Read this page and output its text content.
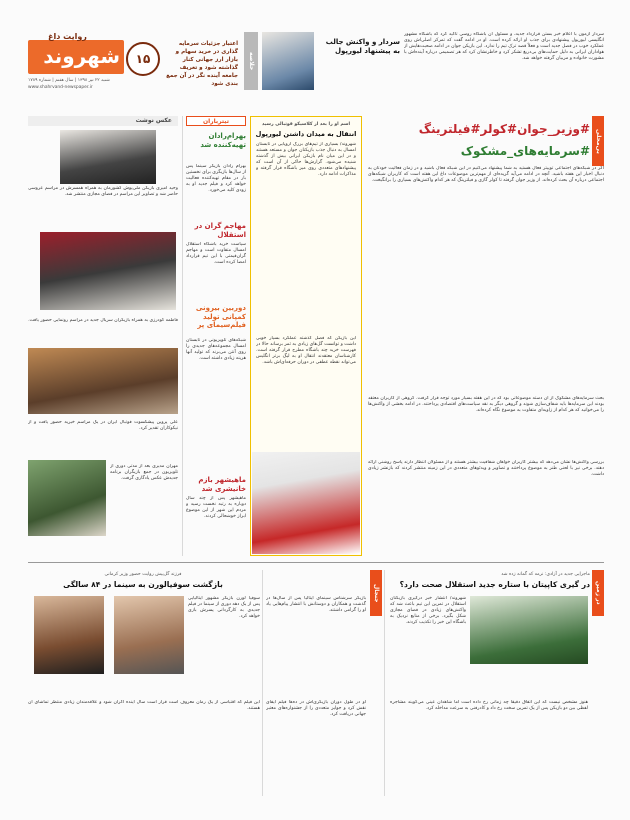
شهروند
روایت داغ
۱۵
شنبه ۲۲ تیر ۱۳۹۸ | سال هفتم | شماره ۱۷۸۹
www.shahrvand-newspaper.ir
اعتبار جزئیات سرمایه گذاری در خرید سهام و بازار ارز جهانی کنار گذاشته شود و تعریف جامعه آینده نگر در آن جمع بندی شود
خلاصه
سردار و واکنش جالب به پیشنهاد لیورپول
سردار آزمون با اعلام خبر بستن قرارداد جدید، و مسئول آن باشگاه روسی تأکید کرد که باشگاه مشهور انگلیسی لیورپول پیشنهادی برای جذب او ارائه کرده است. او در ادامه گفت که تمرکز اصلی‌اش روی عملکرد خوب در فصل جدید است و فعلاً قصد ترک تیم را ندارد. این بازیکن جوان در ادامه صحبت‌هایش از هواداران ایرانی به دلیل حمایت‌های بی‌دریغ تشکر کرد و خاطرنشان کرد که هر تصمیمی درباره آینده‌اش با مشورت خانواده و مربیان گرفته خواهد شد.
عکس نوشت
وحید امیری بازیکن ملی‌پوش کشورمان به همراه همسرش در مراسم عروسی حاضر شد و تصاویر این مراسم در فضای مجازی منتشر شد.
فاطمه گودرزی به همراه بازیگران سریال جدید در مراسم رونمایی حضور یافت.
علی پروین پیشکسوت فوتبال ایران در یک مراسم خیریه حضور یافت و از نیکوکاران تقدیر کرد.
مهران مدیری بعد از مدتی دوری از تلویزیون در جمع بازیگران برنامه جدیدش عکس یادگاری گرفت.
تیترباران
بهرام‌رادان تهیه‌کننده شد
بهرام رادان بازیگر سینما پس از سال‌ها بازیگری برای نخستین بار در مقام تهیه‌کننده فعالیت خواهد کرد و فیلم جدید او به زودی کلید می‌خورد.
مهاجم گران در استقلال
سیاست خرید باشگاه استقلال امسال متفاوت است و مهاجم گران‌قیمتی با این تیم قرارداد امضا کرده است.
دوربین بیرونی کمپانی تولید فیلم‌سیمای پر
شبکه‌های تلویزیونی در تابستان امسال مجموعه‌های جدیدی را روی آنتن می‌برند که تولید آنها هزینه زیادی داشته است.
ماهیشهر بازم خانیشری شد
ماهیشهر پس از چند سال دوباره به رتبه نخست رسید و مردم این شهر از این موضوع ابراز خوشحالی کردند.
اسم او را بعد از کلاسیکو فوتبالی رسید
انتقال به میدان داشتن لیورپول
شهروند/ بسیاری از تیم‌های بزرگ اروپایی در تابستان امسال به دنبال جذب بازیکنان جوان و مستعد هستند و در این میان نام بازیکن ایرانی بیش از گذشته شنیده می‌شود. گزارش‌ها حاکی از آن است که پیشنهادهای متعددی روی میز باشگاه قرار گرفته و مذاکرات ادامه دارد.
این بازیکن که فصل گذشته عملکرد بسیار خوبی داشت و توانست گل‌های زیادی به ثمر برساند حالا در فهرست خرید چند باشگاه مطرح قرار گرفته است. کارشناسان معتقدند انتقال او به لیگ برتر انگلیس می‌تواند نقطه عطفی در دوران حرفه‌ای‌اش باشد.
بی‌محلی
#وزیر_جوان#کولر#فیلترینگ
#سرمایه‌های_مشکوک
اگر در شبکه‌های اجتماعی توییتر فعال هستید به شما پیشنهاد می‌کنیم در این شبکه فعال باشید و در زمان فعالیت خودتان به دنبال اخبار این هفته باشید. آنچه در ادامه می‌آید گزیده‌ای از مهم‌ترین موضوعات داغ این هفته است که کاربران شبکه‌های اجتماعی درباره آن بحث کرده‌اند. از وزیر جوان گرفته تا کولر گازی و فیلترینگ که هر کدام واکنش‌های بسیاری را برانگیخت.
بحث سرمایه‌های مشکوک از آن دسته موضوعاتی بود که در این هفته بسیار مورد توجه قرار گرفت. گروهی از کاربران معتقد بودند این سرمایه‌ها باید شفاف‌سازی شوند و گروهی دیگر به نقد سیاست‌های اقتصادی پرداختند. در ادامه بخشی از واکنش‌ها را می‌خوانید که هر کدام از زاویه‌ای متفاوت به موضوع نگاه کرده‌اند.
بررسی واکنش‌ها نشان می‌دهد که بیشتر کاربران خواهان شفافیت بیشتر هستند و از مسئولان انتظار دارند پاسخ روشنی ارائه دهند. برخی نیز با لحنی طنز به موضوع پرداختند و تصاویر و ویدئوهای متعددی در این زمینه منتشر کردند که بازنشر زیادی داشت.
در زمین
ماجرایی جدید در آزادی: نرمه که گمانه زده شد
در گیری کاپیتان با ستاره جدید استقلال صحت دارد؟
شهروند/ انتشار خبر درگیری بازیکنان استقلال در تمرین این تیم باعث شد که واکنش‌های زیادی در فضای مجازی شکل بگیرد. برخی از منابع نزدیک به باشگاه این خبر را تکذیب کردند.
هنوز مشخص نیست که این اتفاق دقیقا چه زمانی رخ داده است اما شاهدان عینی می‌گویند مشاجره لفظی بین دو بازیکن پس از یک تمرین سخت رخ داد و کادرفنی به سرعت مداخله کرد.
جنجال
بازیگر سرشناس سینمای ایتالیا پس از سال‌ها در گذشت و همکاران و دوستانش با انتشار پیام‌هایی یاد او را گرامی داشتند.
او در طول دوران بازیگری‌اش در ده‌ها فیلم ایفای نقش کرد و جوایز متعددی را از جشنواره‌های معتبر جهانی دریافت کرد.
فرزند گل‌پیش روایت حضور وزیر کرمانی
بازگشت سوفیالورن به سینما در ۸۴ سالگی
سوفیا لورن بازیگر مشهور ایتالیایی پس از یک دهه دوری از سینما در فیلم جدیدی به کارگردانی پسرش بازی خواهد کرد.
این فیلم که اقتباسی از یک رمان معروف است قرار است سال آینده اکران شود و علاقه‌مندان زیادی منتظر تماشای آن هستند.
